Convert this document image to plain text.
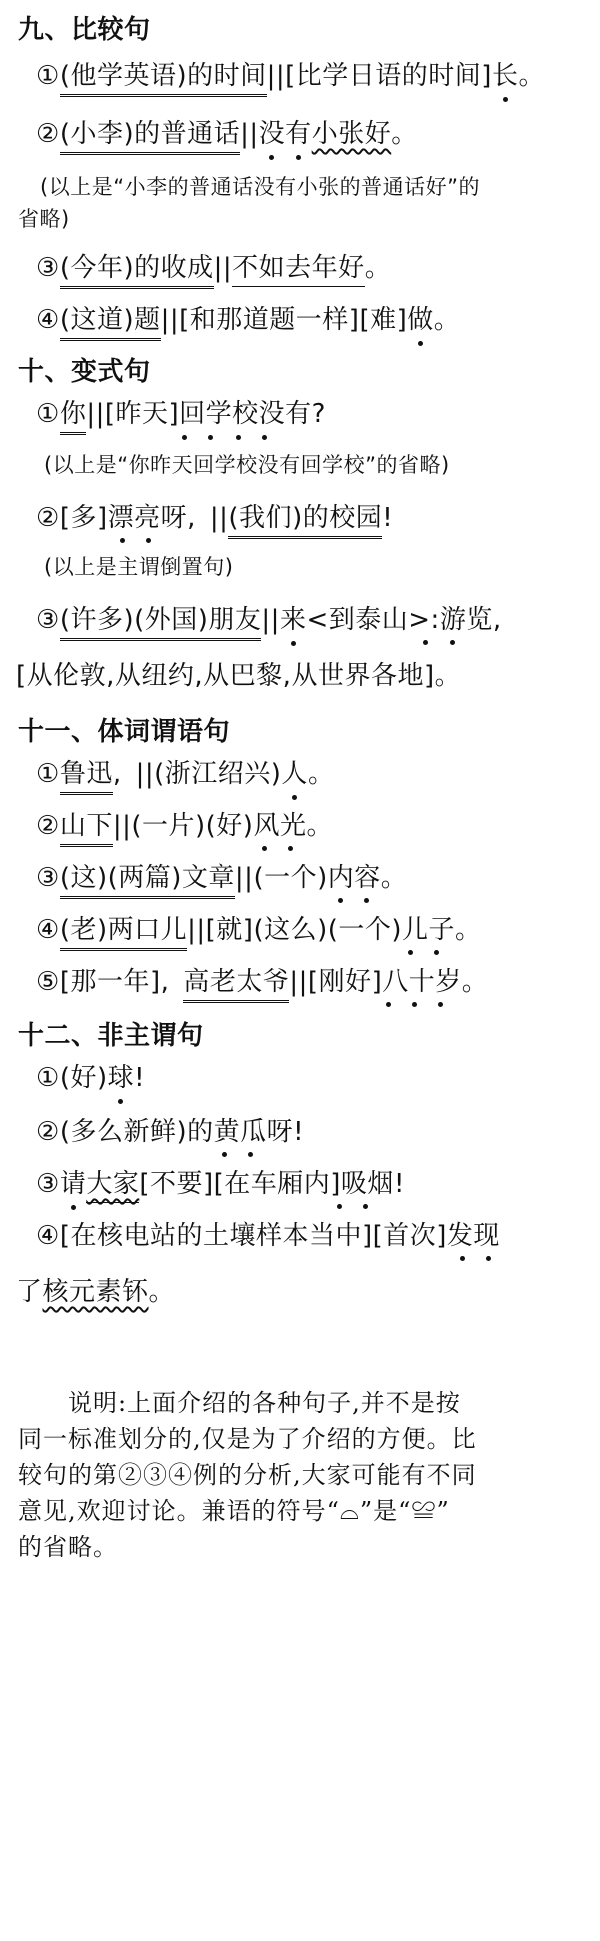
九、比较句
①(他学英语)的时间||[比学日语的时间]长。
②(小李)的普通话||没有小张好。
(以上是“小李的普通话没有小张的普通话好”的
省略)
③(今年)的收成||不如去年好。
④(这道)题||[和那道题一样][难]做。
十、变式句
①你||[昨天]回学校没有?
(以上是“你昨天回学校没有回学校”的省略)
②[多]漂亮呀, ||(我们)的校园!
(以上是主谓倒置句)
③(许多)(外国)朋友||来<到泰山>:游览,
[从伦敦,从纽约,从巴黎,从世界各地]。
十一、体词谓语句
①鲁迅, ||(浙江绍兴)人。
②山下||(一片)(好)风光。
③(这)(两篇)文章||(一个)内容。
④(老)两口儿||[就](这么)(一个)儿子。
⑤[那一年], 高老太爷||[刚好]八十岁。
十二、非主谓句
①(好)球!
②(多么新鲜)的黄瓜呀!
③请大家[不要][在车厢内]吸烟!
④[在核电站的土壤样本当中][首次]发现
了核元素钚。
说明:上面介绍的各种句子,并不是按
同一标准划分的,仅是为了介绍的方便。比
较句的第②③④例的分析,大家可能有不同
意见,欢迎讨论。兼语的符号“⌓”是“≌”
的省略。
